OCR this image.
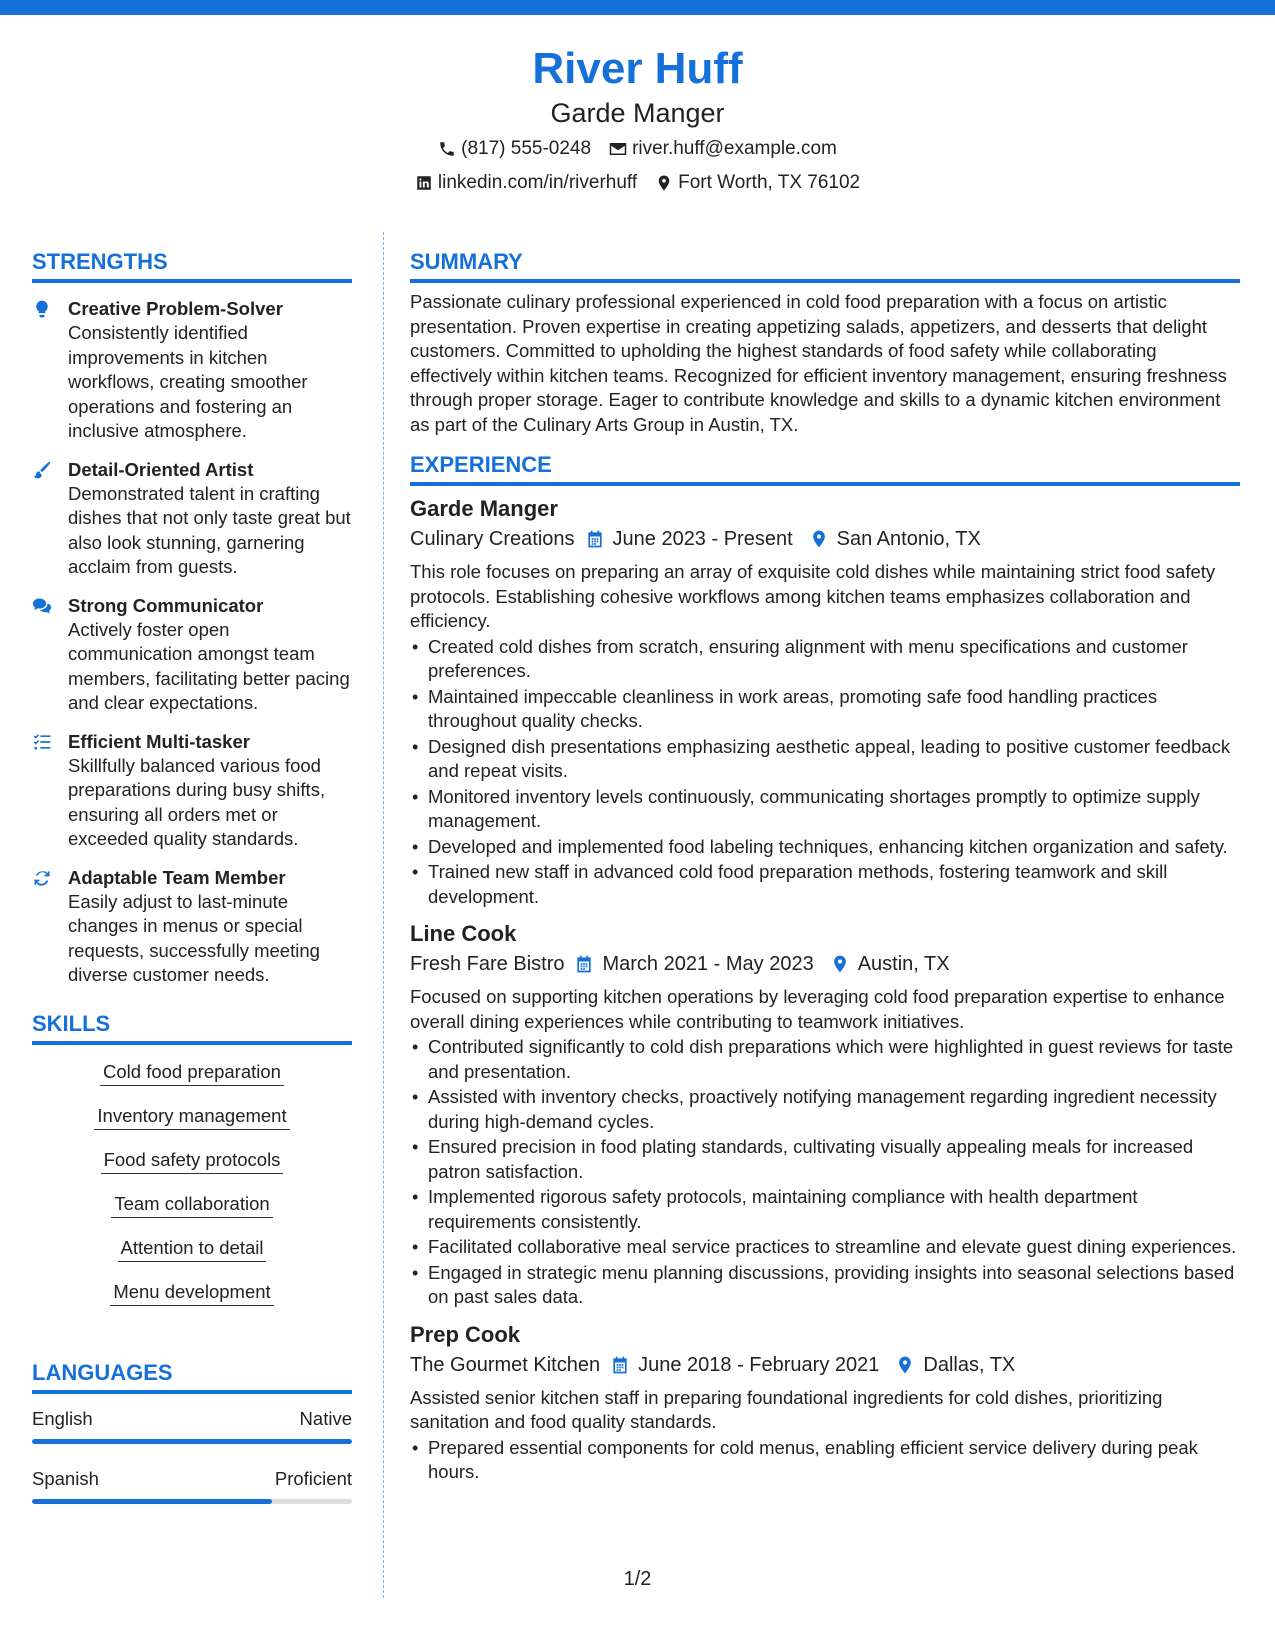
River Huff
Garde Manger
(817) 555-0248 river.huff@example.com
linkedin.com/in/riverhuff Fort Worth, TX 76102
STRENGTHS
Creative Problem-Solver
Consistently identified improvements in kitchen workflows, creating smoother operations and fostering an inclusive atmosphere.
Detail-Oriented Artist
Demonstrated talent in crafting dishes that not only taste great but also look stunning, garnering acclaim from guests.
Strong Communicator
Actively foster open communication amongst team members, facilitating better pacing and clear expectations.
Efficient Multi-tasker
Skillfully balanced various food preparations during busy shifts, ensuring all orders met or exceeded quality standards.
Adaptable Team Member
Easily adjust to last-minute changes in menus or special requests, successfully meeting diverse customer needs.
SKILLS
Cold food preparation
Inventory management
Food safety protocols
Team collaboration
Attention to detail
Menu development
LANGUAGES
English	Native
Spanish	Proficient
SUMMARY
Passionate culinary professional experienced in cold food preparation with a focus on artistic presentation. Proven expertise in creating appetizing salads, appetizers, and desserts that delight customers. Committed to upholding the highest standards of food safety while collaborating effectively within kitchen teams. Recognized for efficient inventory management, ensuring freshness through proper storage. Eager to contribute knowledge and skills to a dynamic kitchen environment as part of the Culinary Arts Group in Austin, TX.
EXPERIENCE
Garde Manger
Culinary Creations June 2023 - Present San Antonio, TX
This role focuses on preparing an array of exquisite cold dishes while maintaining strict food safety protocols. Establishing cohesive workflows among kitchen teams emphasizes collaboration and efficiency.
• Created cold dishes from scratch, ensuring alignment with menu specifications and customer preferences.
• Maintained impeccable cleanliness in work areas, promoting safe food handling practices throughout quality checks.
• Designed dish presentations emphasizing aesthetic appeal, leading to positive customer feedback and repeat visits.
• Monitored inventory levels continuously, communicating shortages promptly to optimize supply management.
• Developed and implemented food labeling techniques, enhancing kitchen organization and safety.
• Trained new staff in advanced cold food preparation methods, fostering teamwork and skill development.
Line Cook
Fresh Fare Bistro March 2021 - May 2023 Austin, TX
Focused on supporting kitchen operations by leveraging cold food preparation expertise to enhance overall dining experiences while contributing to teamwork initiatives.
• Contributed significantly to cold dish preparations which were highlighted in guest reviews for taste and presentation.
• Assisted with inventory checks, proactively notifying management regarding ingredient necessity during high-demand cycles.
• Ensured precision in food plating standards, cultivating visually appealing meals for increased patron satisfaction.
• Implemented rigorous safety protocols, maintaining compliance with health department requirements consistently.
• Facilitated collaborative meal service practices to streamline and elevate guest dining experiences.
• Engaged in strategic menu planning discussions, providing insights into seasonal selections based on past sales data.
Prep Cook
The Gourmet Kitchen June 2018 - February 2021 Dallas, TX
Assisted senior kitchen staff in preparing foundational ingredients for cold dishes, prioritizing sanitation and food quality standards.
• Prepared essential components for cold menus, enabling efficient service delivery during peak hours.
1/2
